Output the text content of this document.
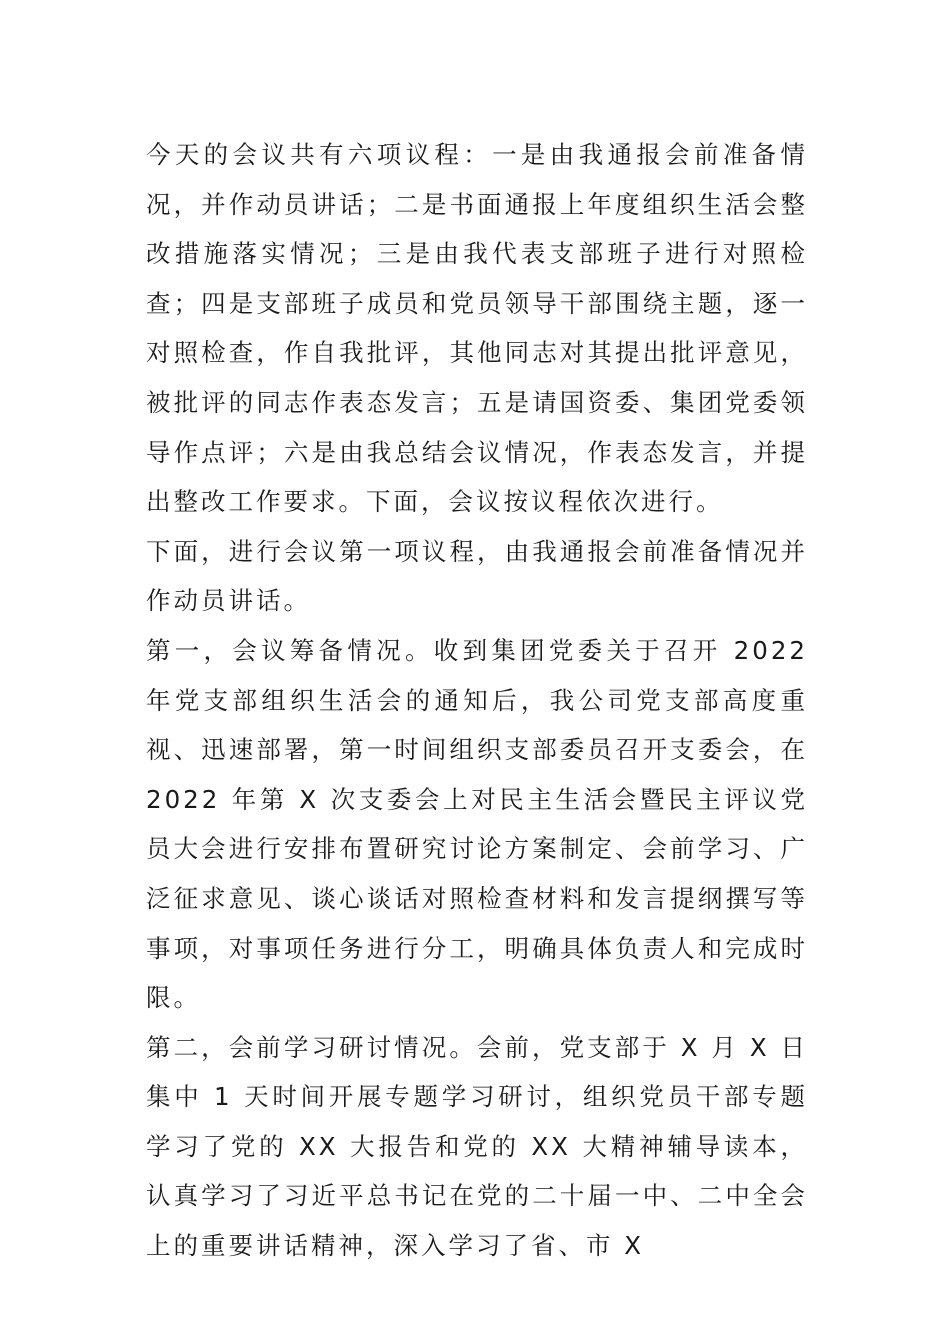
今天的会议共有六项议程：一是由我通报会前准备情况，并作动员讲话；二是书面通报上年度组织生活会整改措施落实情况；三是由我代表支部班子进行对照检查；四是支部班子成员和党员领导干部围绕主题，逐一对照检查，作自我批评，其他同志对其提出批评意见，被批评的同志作表态发言；五是请国资委、集团党委领导作点评；六是由我总结会议情况，作表态发言，并提出整改工作要求。下面，会议按议程依次进行。

下面，进行会议第一项议程，由我通报会前准备情况并作动员讲话。

第一，会议筹备情况。收到集团党委关于召开 2022 年党支部组织生活会的通知后，我公司党支部高度重视、迅速部署，第一时间组织支部委员召开支委会，在 2022 年第 X 次支委会上对民主生活会暨民主评议党员大会进行安排布置研究讨论方案制定、会前学习、广泛征求意见、谈心谈话对照检查材料和发言提纲撰写等事项，对事项任务进行分工，明确具体负责人和完成时限。

第二，会前学习研讨情况。会前，党支部于 X 月 X 日集中 1 天时间开展专题学习研讨，组织党员干部专题学习了党的 XX 大报告和党的 XX 大精神辅导读本，认真学习了习近平总书记在党的二十届一中、二中全会上的重要讲话精神，深入学习了省、市 X
